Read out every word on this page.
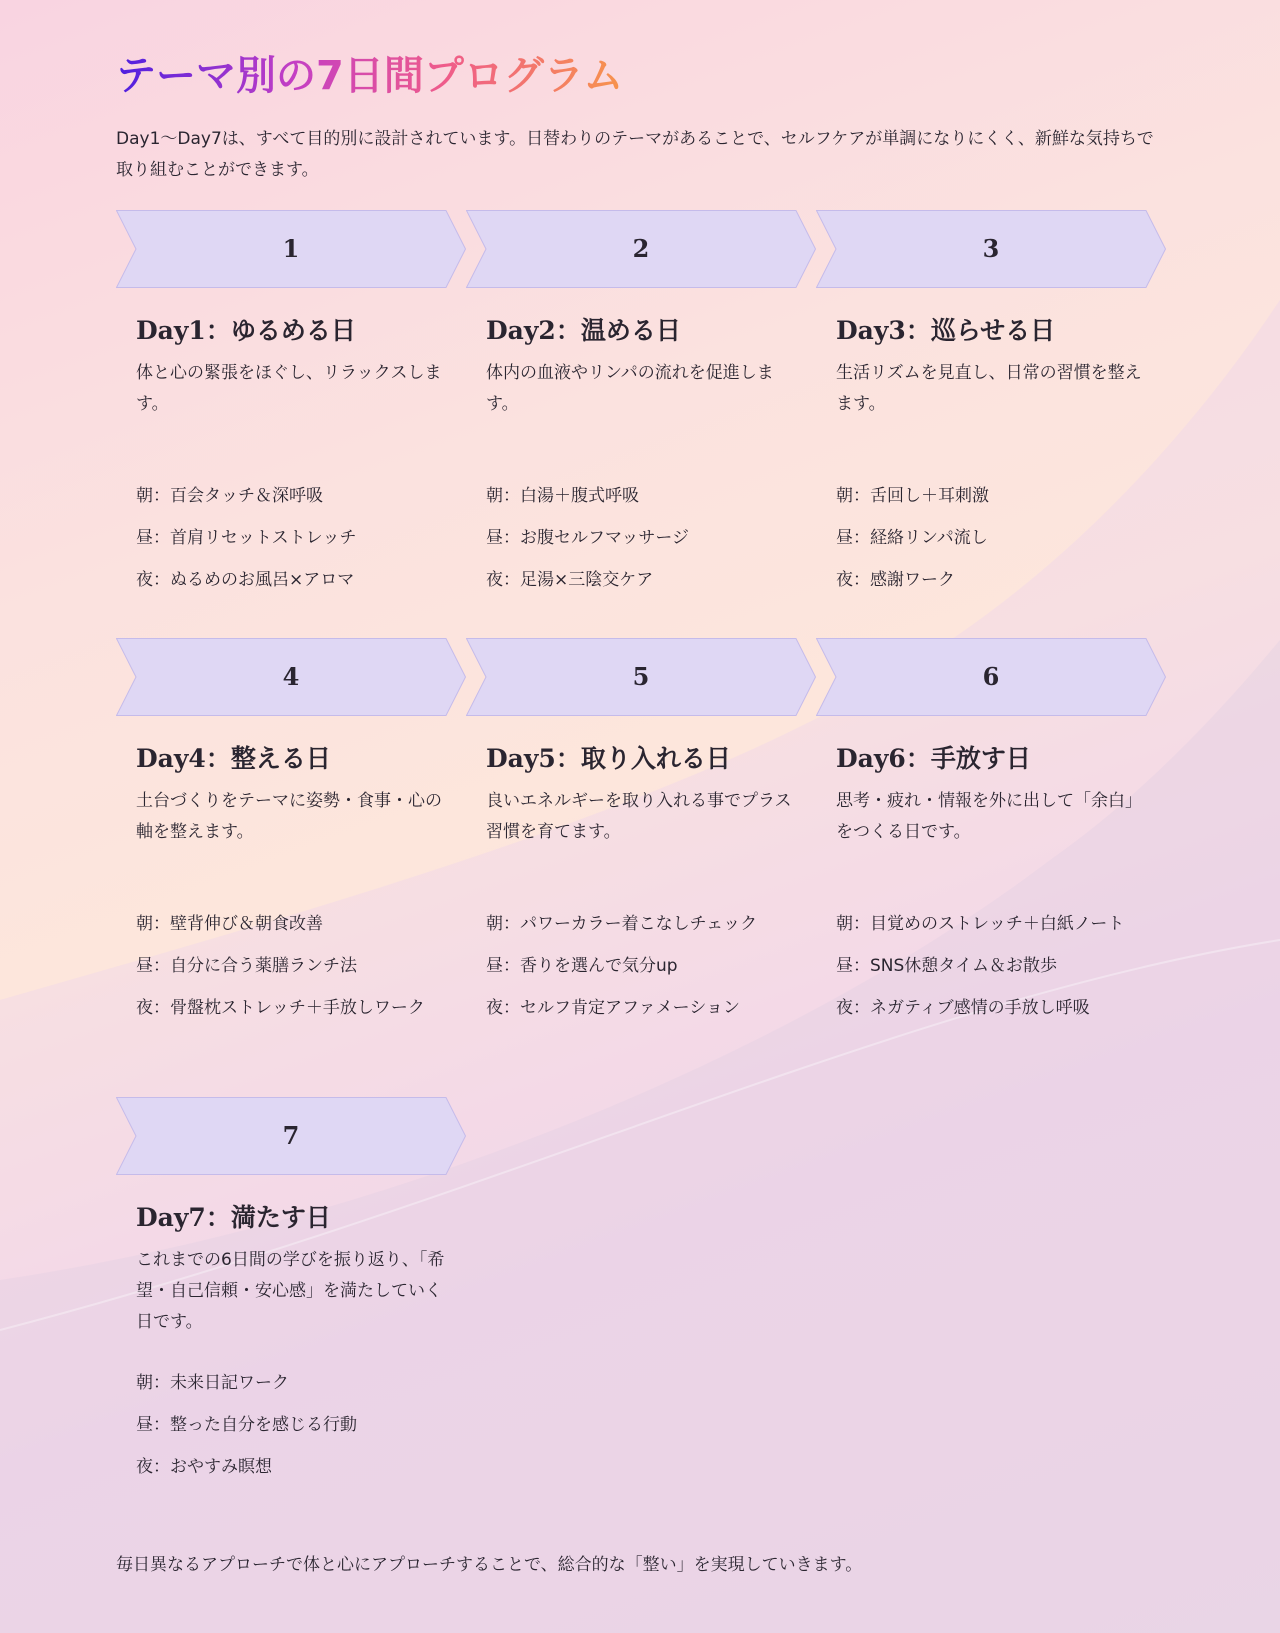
テーマ別の7日間プログラム

Day1〜Day7は、すべて目的別に設計されています。日替わりのテーマがあることで、セルフケアが単調になりにくく、新鮮な気持ちで取り組むことができます。

1
Day1：ゆるめる日
体と心の緊張をほぐし、リラックスします。
朝：百会タッチ＆深呼吸
昼：首肩リセットストレッチ
夜：ぬるめのお風呂×アロマ
2
Day2：温める日
体内の血液やリンパの流れを促進します。
朝：白湯＋腹式呼吸
昼：お腹セルフマッサージ
夜：足湯×三陰交ケア
3
Day3：巡らせる日
生活リズムを見直し、日常の習慣を整えます。
朝：舌回し＋耳刺激
昼：経絡リンパ流し
夜：感謝ワーク
4
Day4：整える日
土台づくりをテーマに姿勢・食事・心の軸を整えます。
朝：壁背伸び＆朝食改善
昼：自分に合う薬膳ランチ法
夜：骨盤枕ストレッチ＋手放しワーク
5
Day5：取り入れる日
良いエネルギーを取り入れる事でプラス習慣を育てます。
朝：パワーカラー着こなしチェック
昼：香りを選んで気分up
夜：セルフ肯定アファメーション
6
Day6：手放す日
思考・疲れ・情報を外に出して「余白」をつくる日です。
朝：目覚めのストレッチ＋白紙ノート
昼：SNS休憩タイム＆お散歩
夜：ネガティブ感情の手放し呼吸
7
Day7：満たす日
これまでの6日間の学びを振り返り、「希望・自己信頼・安心感」を満たしていく日です。
朝：未来日記ワーク
昼：整った自分を感じる行動
夜：おやすみ瞑想

毎日異なるアプローチで体と心にアプローチすることで、総合的な「整い」を実現していきます。
